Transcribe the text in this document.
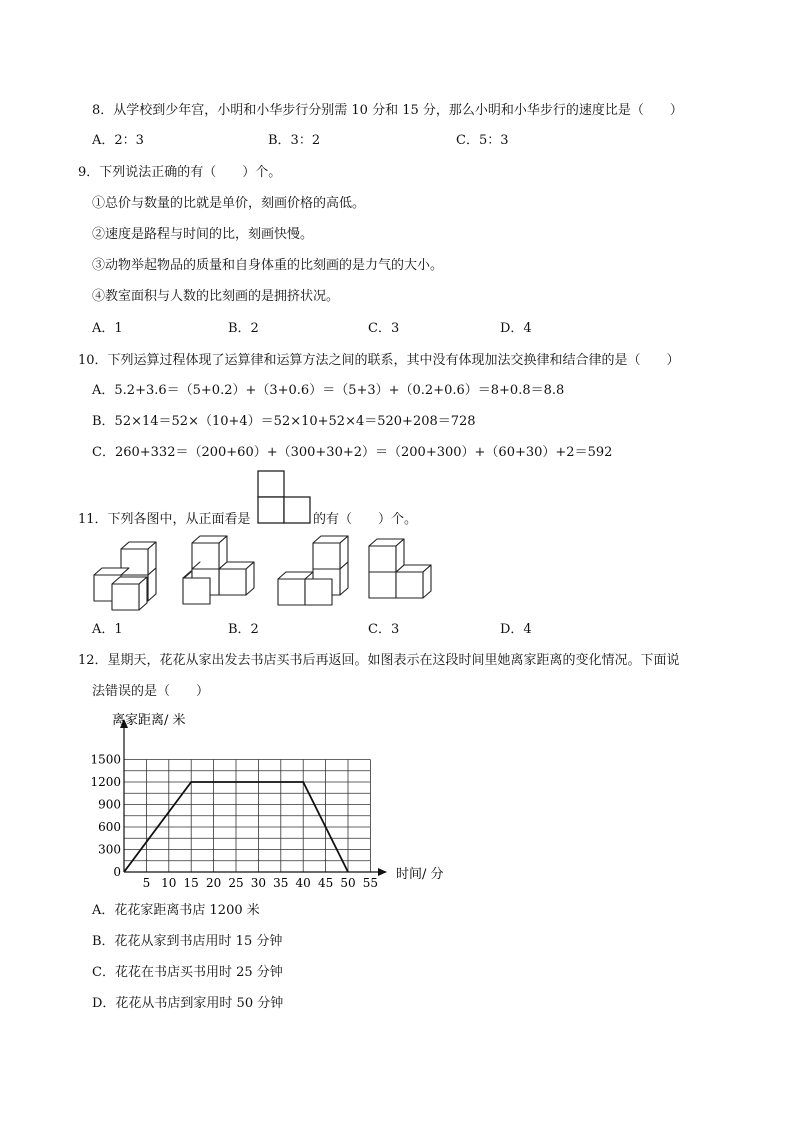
8．从学校到少年宫，小明和小华步行分别需 10 分和 15 分，那么小明和小华步行的速度比是（　　）
A．2：3	B．3：2	C．5：3
9．下列说法正确的有（　　）个。
①总价与数量的比就是单价，刻画价格的高低。
②速度是路程与时间的比，刻画快慢。
③动物举起物品的质量和自身体重的比刻画的是力气的大小。
④教室面积与人数的比刻画的是拥挤状况。
A．1	B．2	C．3	D．4
10．下列运算过程体现了运算律和运算方法之间的联系，其中没有体现加法交换律和结合律的是（　　）
A．5.2+3.6＝（5+0.2）+（3+0.6）＝（5+3）+（0.2+0.6）＝8+0.8＝8.8
B．52×14＝52×（10+4）＝52×10+52×4＝520+208＝728
C．260+332＝（200+60）+（300+30+2）＝（200+300）+（60+30）+2＝592
11．下列各图中，从正面看是	的有（　　）个。
A．1	B．2	C．3	D．4
12．星期天，花花从家出发去书店买书后再返回。如图表示在这段时间里她离家距离的变化情况。下面说
法错误的是（　　）
5 10 15 20 25 30 35 40 45 50 55
0
300
600
900
1200
1500
离家距离/ 米
时间/ 分
A．花花家距离书店 1200 米
B．花花从家到书店用时 15 分钟
C．花花在书店买书用时 25 分钟
D．花花从书店到家用时 50 分钟
